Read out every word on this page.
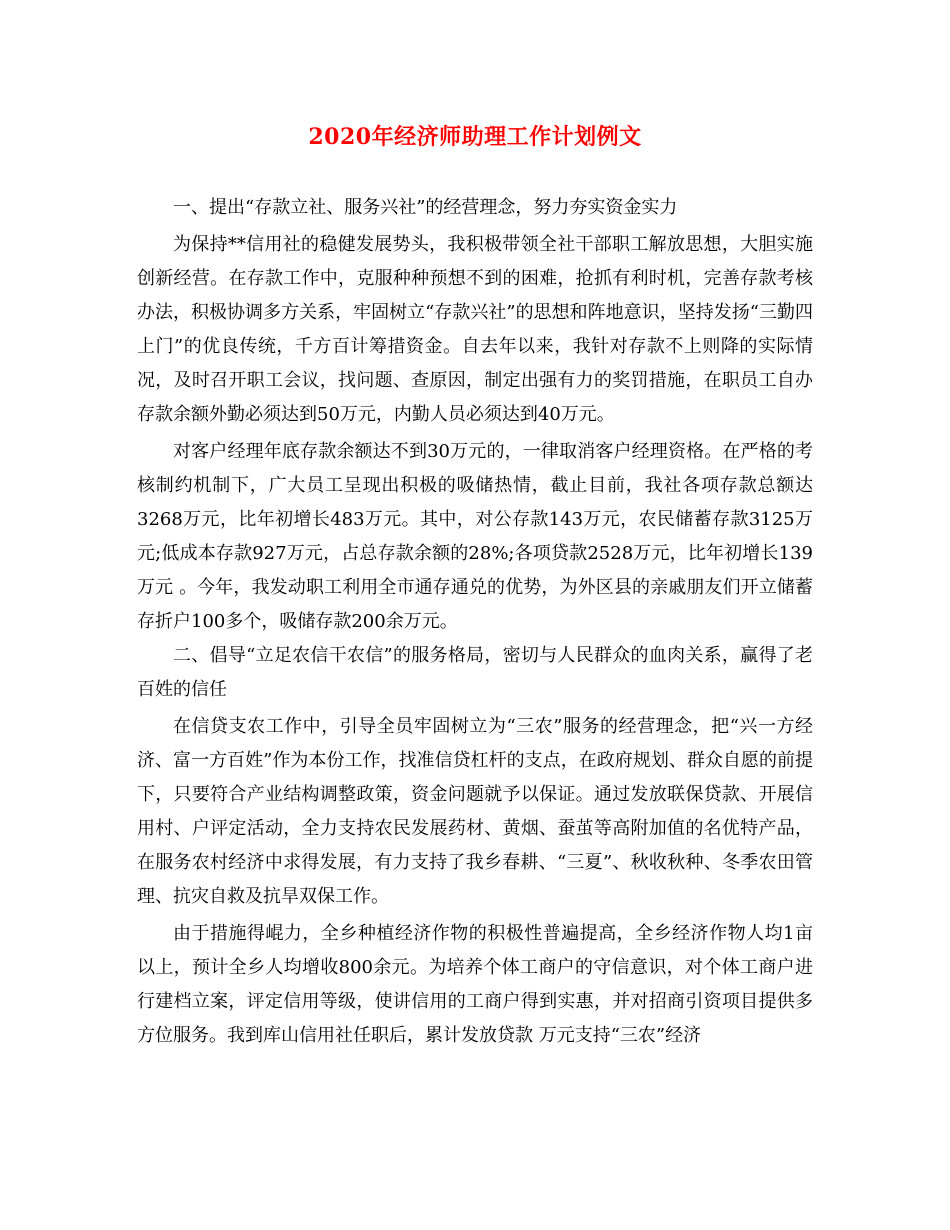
2020年经济师助理工作计划例文

一、提出“存款立社、服务兴社”的经营理念，努力夯实资金实力

为保持**信用社的稳健发展势头，我积极带领全社干部职工解放思想，大胆实施创新经营。在存款工作中，克服种种预想不到的困难，抢抓有利时机，完善存款考核办法，积极协调多方关系，牢固树立“存款兴社”的思想和阵地意识，坚持发扬“三勤四上门”的优良传统，千方百计筹措资金。自去年以来，我针对存款不上则降的实际情况，及时召开职工会议，找问题、查原因，制定出强有力的奖罚措施，在职员工自办存款余额外勤必须达到50万元，内勤人员必须达到40万元。

对客户经理年底存款余额达不到30万元的，一律取消客户经理资格。在严格的考核制约机制下，广大员工呈现出积极的吸储热情，截止目前，我社各项存款总额达3268万元，比年初增长483万元。其中，对公存款143万元，农民储蓄存款3125万元;低成本存款927万元，占总存款余额的28%;各项贷款2528万元，比年初增长139万元 。今年，我发动职工利用全市通存通兑的优势，为外区县的亲戚朋友们开立储蓄存折户100多个，吸储存款200余万元。

二、倡导“立足农信干农信”的服务格局，密切与人民群众的血肉关系，赢得了老百姓的信任

在信贷支农工作中，引导全员牢固树立为“三农”服务的经营理念，把“兴一方经济、富一方百姓”作为本份工作，找准信贷杠杆的支点，在政府规划、群众自愿的前提下，只要符合产业结构调整政策，资金问题就予以保证。通过发放联保贷款、开展信用村、户评定活动，全力支持农民发展药材、黄烟、蚕茧等高附加值的名优特产品，在服务农村经济中求得发展，有力支持了我乡春耕、“三夏”、秋收秋种、冬季农田管理、抗灾自救及抗旱双保工作。

由于措施得崐力，全乡种植经济作物的积极性普遍提高，全乡经济作物人均1亩以上，预计全乡人均增收800余元。为培养个体工商户的守信意识，对个体工商户进行建档立案，评定信用等级，使讲信用的工商户得到实惠，并对招商引资项目提供多方位服务。我到库山信用社任职后，累计发放贷款 万元支持“三农”经济
